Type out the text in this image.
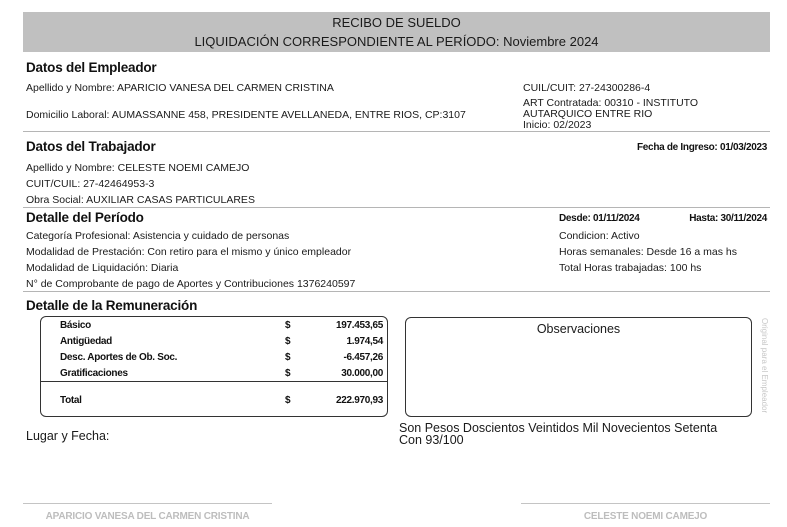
RECIBO DE SUELDO
LIQUIDACIÓN CORRESPONDIENTE AL PERÍODO: Noviembre 2024
Datos del Empleador
Apellido y Nombre: APARICIO VANESA DEL CARMEN CRISTINA
Domicilio Laboral: AUMASSANNE 458, PRESIDENTE AVELLANEDA, ENTRE RIOS, CP:3107
CUIL/CUIT: 27-24300286-4
ART Contratada: 00310 - INSTITUTO
AUTARQUICO ENTRE RIO
Inicio: 02/2023
Datos del Trabajador	Fecha de Ingreso: 01/03/2023
Apellido y Nombre: CELESTE NOEMI CAMEJO
CUIT/CUIL: 27-42464953-3
Obra Social: AUXILIAR CASAS PARTICULARES
Detalle del Período	Desde: 01/11/2024	Hasta: 30/11/2024
Categoría Profesional: Asistencia y cuidado de personas
Modalidad de Prestación: Con retiro para el mismo y único empleador
Modalidad de Liquidación: Diaria
N° de Comprobante de pago de Aportes y Contribuciones 1376240597
Condicion: Activo
Horas semanales: Desde 16 a mas hs
Total Horas trabajadas: 100 hs
Detalle de la Remuneración
Básico	$	197.453,65
Antigüedad	$	1.974,54
Desc. Aportes de Ob. Soc.	$	-6.457,26
Gratificaciones	$	30.000,00
Total	$	222.970,93
Observaciones	Original para el Empleador
Son Pesos Doscientos Veintidos Mil Novecientos Setenta
Con 93/100
Lugar y Fecha:
APARICIO VANESA DEL CARMEN CRISTINA	CELESTE NOEMI CAMEJO
